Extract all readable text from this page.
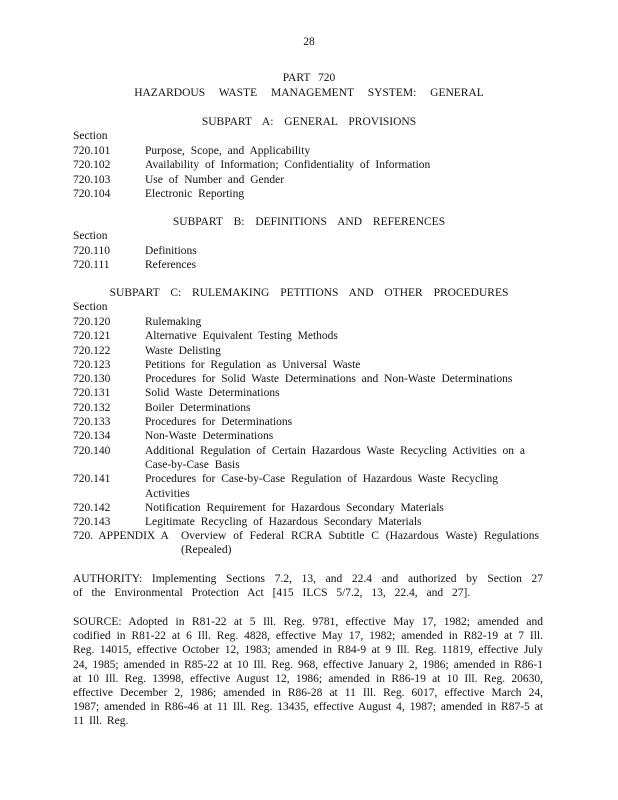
28
PART 720
HAZARDOUS WASTE MANAGEMENT SYSTEM: GENERAL
SUBPART A: GENERAL PROVISIONS
Section
720.101	Purpose, Scope, and Applicability
720.102	Availability of Information; Confidentiality of Information
720.103	Use of Number and Gender
720.104	Electronic Reporting
SUBPART B: DEFINITIONS AND REFERENCES
Section
720.110	Definitions
720.111	References
SUBPART C: RULEMAKING PETITIONS AND OTHER PROCEDURES
Section
720.120	Rulemaking
720.121	Alternative Equivalent Testing Methods
720.122	Waste Delisting
720.123	Petitions for Regulation as Universal Waste
720.130	Procedures for Solid Waste Determinations and Non-Waste Determinations
720.131	Solid Waste Determinations
720.132	Boiler Determinations
720.133	Procedures for Determinations
720.134	Non-Waste Determinations
720.140	Additional Regulation of Certain Hazardous Waste Recycling Activities on a Case-by-Case Basis
720.141	Procedures for Case-by-Case Regulation of Hazardous Waste Recycling Activities
720.142	Notification Requirement for Hazardous Secondary Materials
720.143	Legitimate Recycling of Hazardous Secondary Materials
720. APPENDIX A	Overview of Federal RCRA Subtitle C (Hazardous Waste) Regulations (Repealed)
AUTHORITY: Implementing Sections 7.2, 13, and 22.4 and authorized by Section 27 of the Environmental Protection Act [415 ILCS 5/7.2, 13, 22.4, and 27].
SOURCE: Adopted in R81-22 at 5 Ill. Reg. 9781, effective May 17, 1982; amended and codified in R81-22 at 6 Ill. Reg. 4828, effective May 17, 1982; amended in R82-19 at 7 Ill. Reg. 14015, effective October 12, 1983; amended in R84-9 at 9 Ill. Reg. 11819, effective July 24, 1985; amended in R85-22 at 10 Ill. Reg. 968, effective January 2, 1986; amended in R86-1 at 10 Ill. Reg. 13998, effective August 12, 1986; amended in R86-19 at 10 Ill. Reg. 20630, effective December 2, 1986; amended in R86-28 at 11 Ill. Reg. 6017, effective March 24, 1987; amended in R86-46 at 11 Ill. Reg. 13435, effective August 4, 1987; amended in R87-5 at 11 Ill. Reg.
